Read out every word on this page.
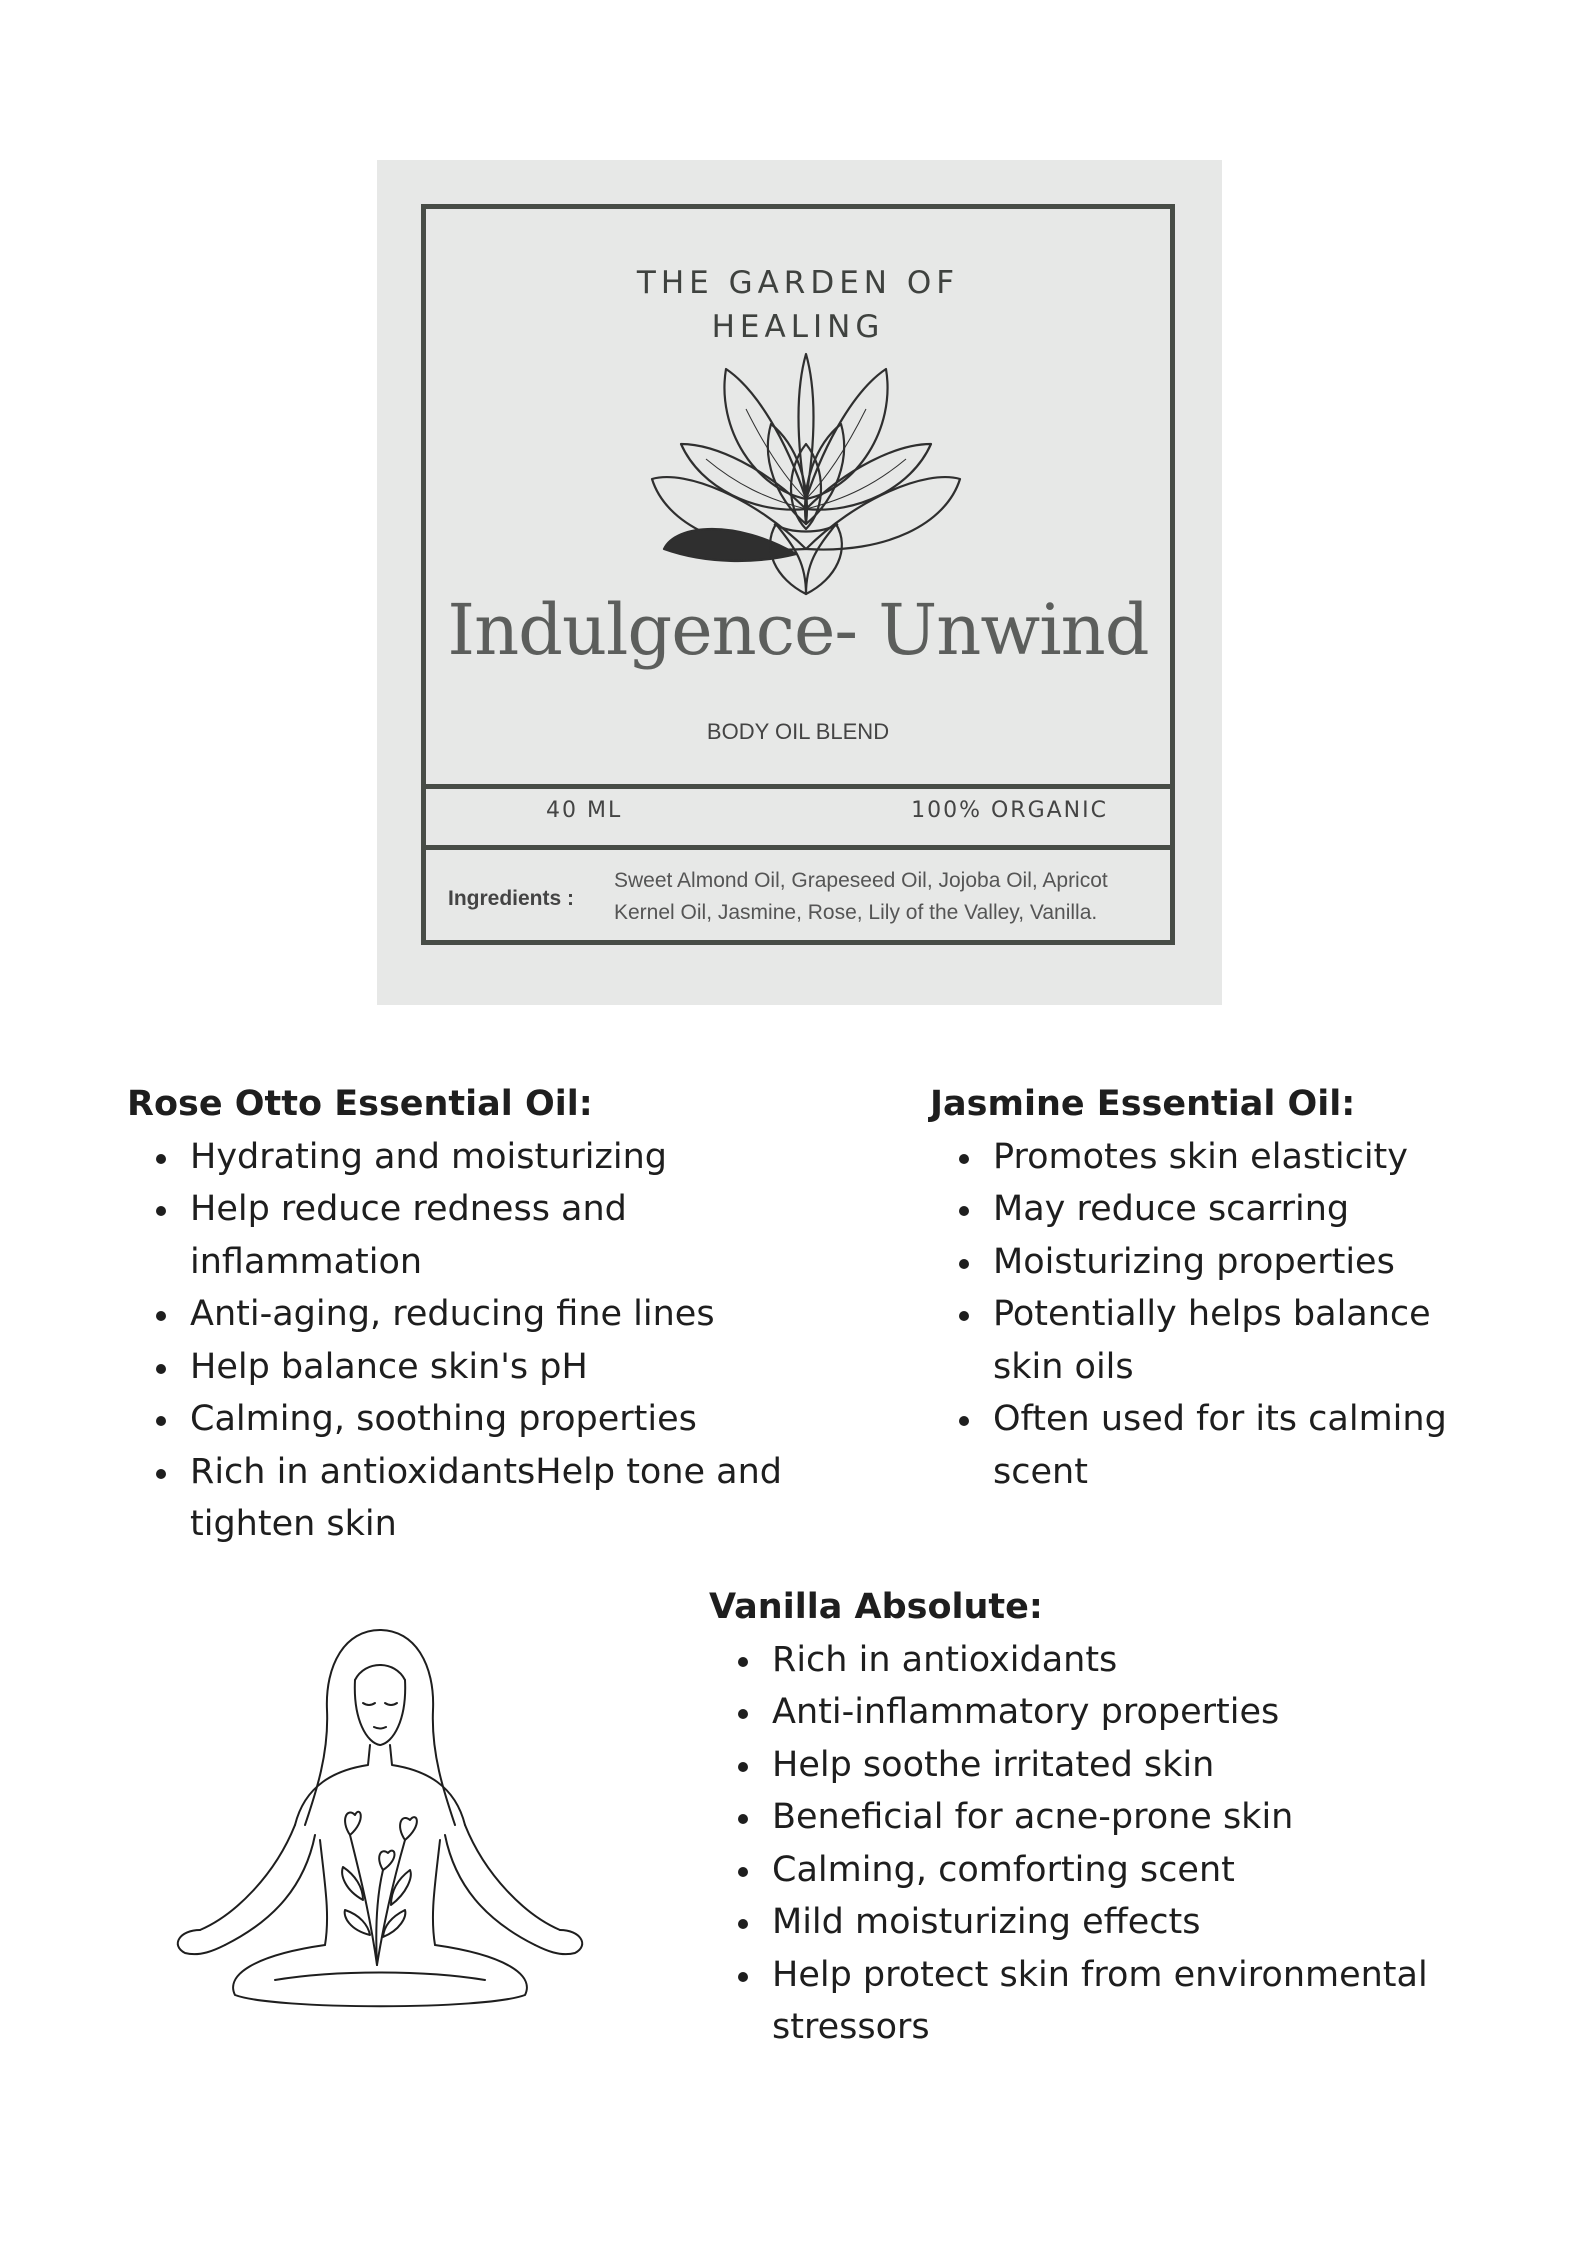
THE GARDEN OF
HEALING
Indulgence- Unwind
BODY OIL BLEND
40 ML	100% ORGANIC
Ingredients :
Sweet Almond Oil, Grapeseed Oil, Jojoba Oil, Apricot Kernel Oil, Jasmine, Rose, Lily of the Valley, Vanilla.
Rose Otto Essential Oil:
Hydrating and moisturizing
Help reduce redness and inflammation
Anti-aging, reducing fine lines
Help balance skin's pH
Calming, soothing properties
Rich in antioxidantsHelp tone and tighten skin
Jasmine Essential Oil:
Promotes skin elasticity
May reduce scarring
Moisturizing properties
Potentially helps balance skin oils
Often used for its calming scent
Vanilla Absolute:
Rich in antioxidants
Anti-inflammatory properties
Help soothe irritated skin
Beneficial for acne-prone skin
Calming, comforting scent
Mild moisturizing effects
Help protect skin from environmental stressors
